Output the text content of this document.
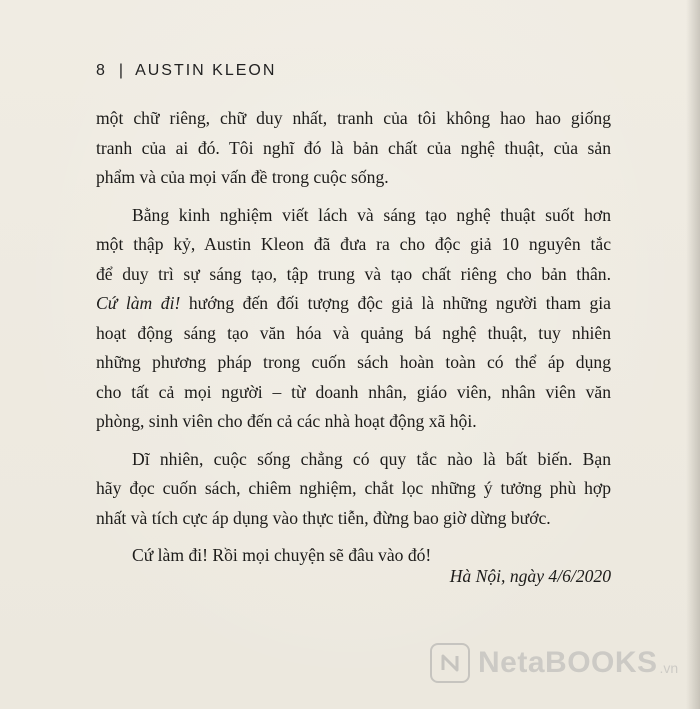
8 | AUSTIN KLEON
một chữ riêng, chữ duy nhất, tranh của tôi không hao hao giống
tranh của ai đó. Tôi nghĩ đó là bản chất của nghệ thuật, của sản
phẩm và của mọi vấn đề trong cuộc sống.
Bằng kinh nghiệm viết lách và sáng tạo nghệ thuật suốt hơn
một thập kỷ, Austin Kleon đã đưa ra cho độc giả 10 nguyên tắc
để duy trì sự sáng tạo, tập trung và tạo chất riêng cho bản thân.
Cứ làm đi! hướng đến đối tượng độc giả là những người tham gia
hoạt động sáng tạo văn hóa và quảng bá nghệ thuật, tuy nhiên
những phương pháp trong cuốn sách hoàn toàn có thể áp dụng
cho tất cả mọi người – từ doanh nhân, giáo viên, nhân viên văn
phòng, sinh viên cho đến cả các nhà hoạt động xã hội.
Dĩ nhiên, cuộc sống chẳng có quy tắc nào là bất biến. Bạn
hãy đọc cuốn sách, chiêm nghiệm, chắt lọc những ý tưởng phù hợp
nhất và tích cực áp dụng vào thực tiễn, đừng bao giờ dừng bước.
Cứ làm đi! Rồi mọi chuyện sẽ đâu vào đó!
Hà Nội, ngày 4/6/2020
NetaBOOKS .vn
